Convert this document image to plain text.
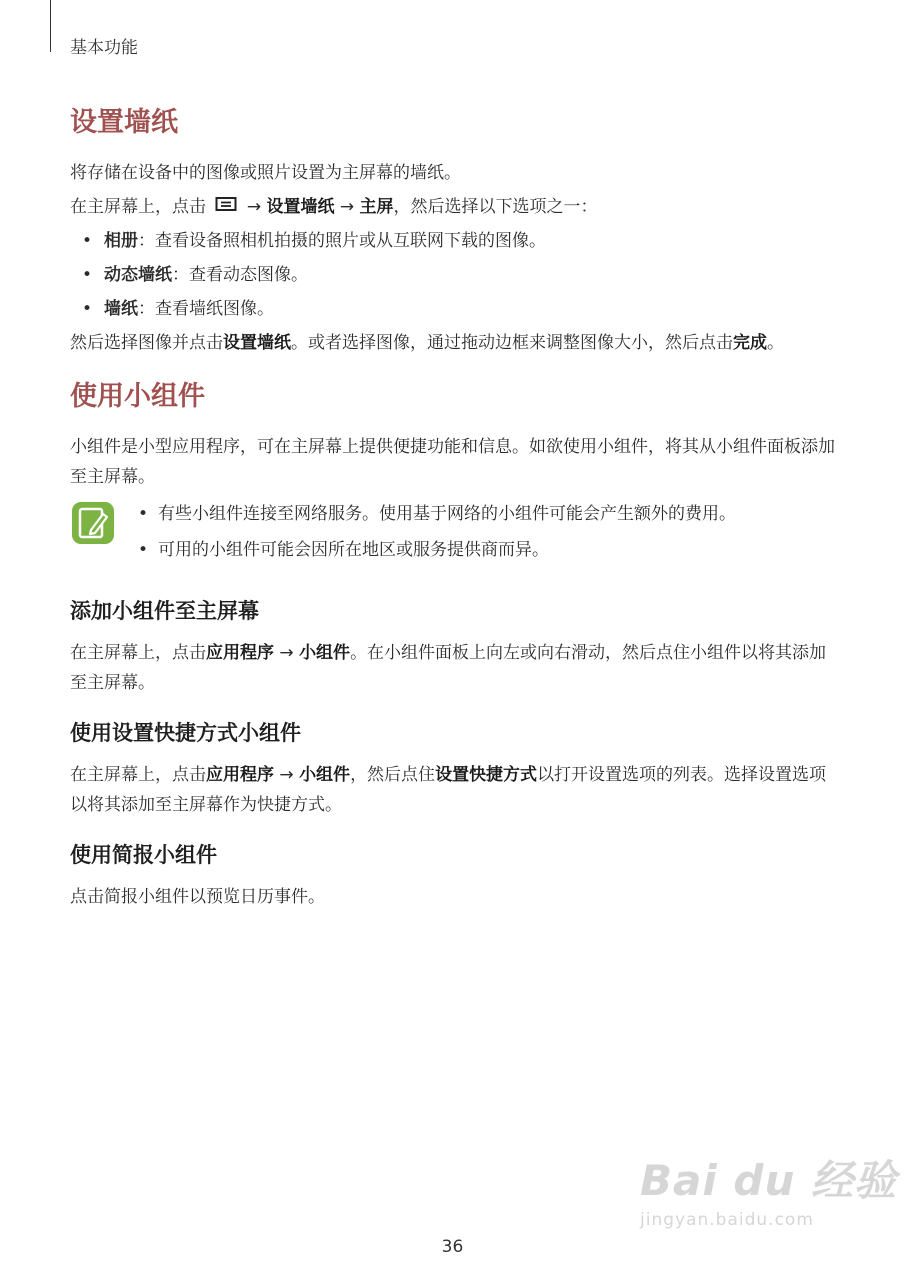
基本功能
设置墙纸
将存储在设备中的图像或照片设置为主屏幕的墙纸。
在主屏幕上，点击 → 设置墙纸 → 主屏，然后选择以下选项之一：
• 相册：查看设备照相机拍摄的照片或从互联网下载的图像。
• 动态墙纸：查看动态图像。
• 墙纸：查看墙纸图像。
然后选择图像并点击设置墙纸。或者选择图像，通过拖动边框来调整图像大小，然后点击完成。
使用小组件
小组件是小型应用程序，可在主屏幕上提供便捷功能和信息。如欲使用小组件，将其从小组件面板添加至主屏幕。
• 有些小组件连接至网络服务。使用基于网络的小组件可能会产生额外的费用。
• 可用的小组件可能会因所在地区或服务提供商而异。
添加小组件至主屏幕
在主屏幕上，点击应用程序 → 小组件。在小组件面板上向左或向右滑动，然后点住小组件以将其添加至主屏幕。
使用设置快捷方式小组件
在主屏幕上，点击应用程序 → 小组件，然后点住设置快捷方式以打开设置选项的列表。选择设置选项以将其添加至主屏幕作为快捷方式。
使用简报小组件
点击简报小组件以预览日历事件。
Bai du 经验
jingyan.baidu.com
36
